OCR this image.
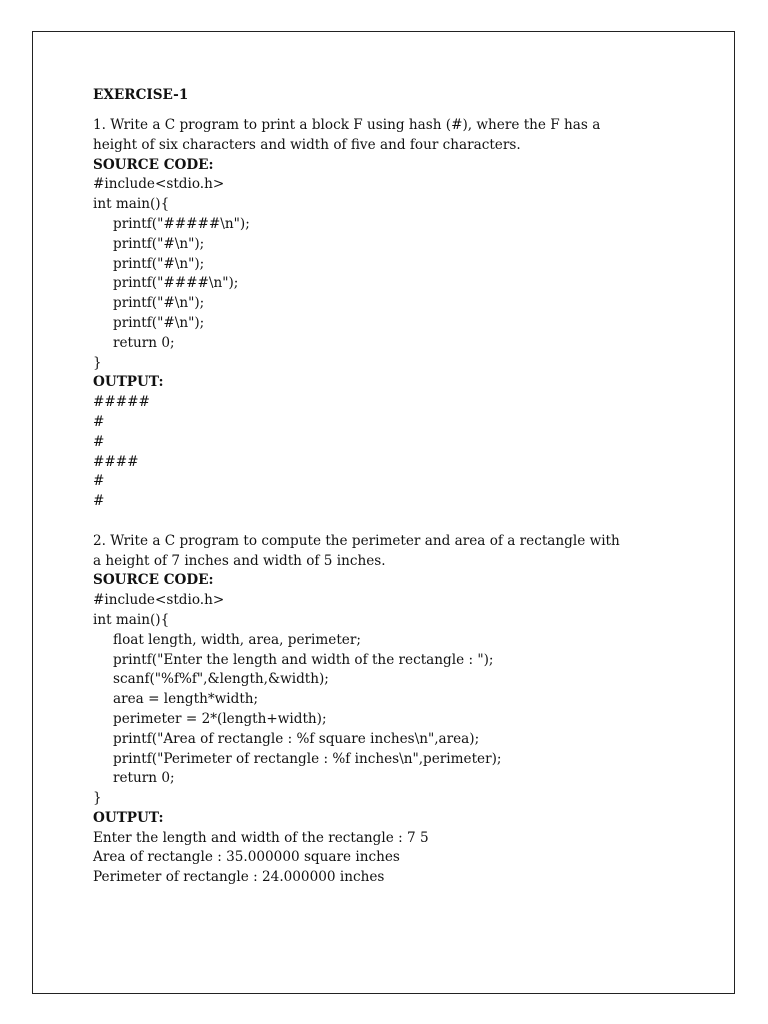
EXERCISE-1
1. Write a C program to print a block F using hash (#), where the F has a
height of six characters and width of five and four characters.
SOURCE CODE:
#include<stdio.h>
int main(){
printf("#####\n");
printf("#\n");
printf("#\n");
printf("####\n");
printf("#\n");
printf("#\n");
return 0;
}
OUTPUT:
#####
#
#
####
#
#
2. Write a C program to compute the perimeter and area of a rectangle with
a height of 7 inches and width of 5 inches.
SOURCE CODE:
#include<stdio.h>
int main(){
float length, width, area, perimeter;
printf("Enter the length and width of the rectangle : ");
scanf("%f%f",&length,&width);
area = length*width;
perimeter = 2*(length+width);
printf("Area of rectangle : %f square inches\n",area);
printf("Perimeter of rectangle : %f inches\n",perimeter);
return 0;
}
OUTPUT:
Enter the length and width of the rectangle : 7 5
Area of rectangle : 35.000000 square inches
Perimeter of rectangle : 24.000000 inches
